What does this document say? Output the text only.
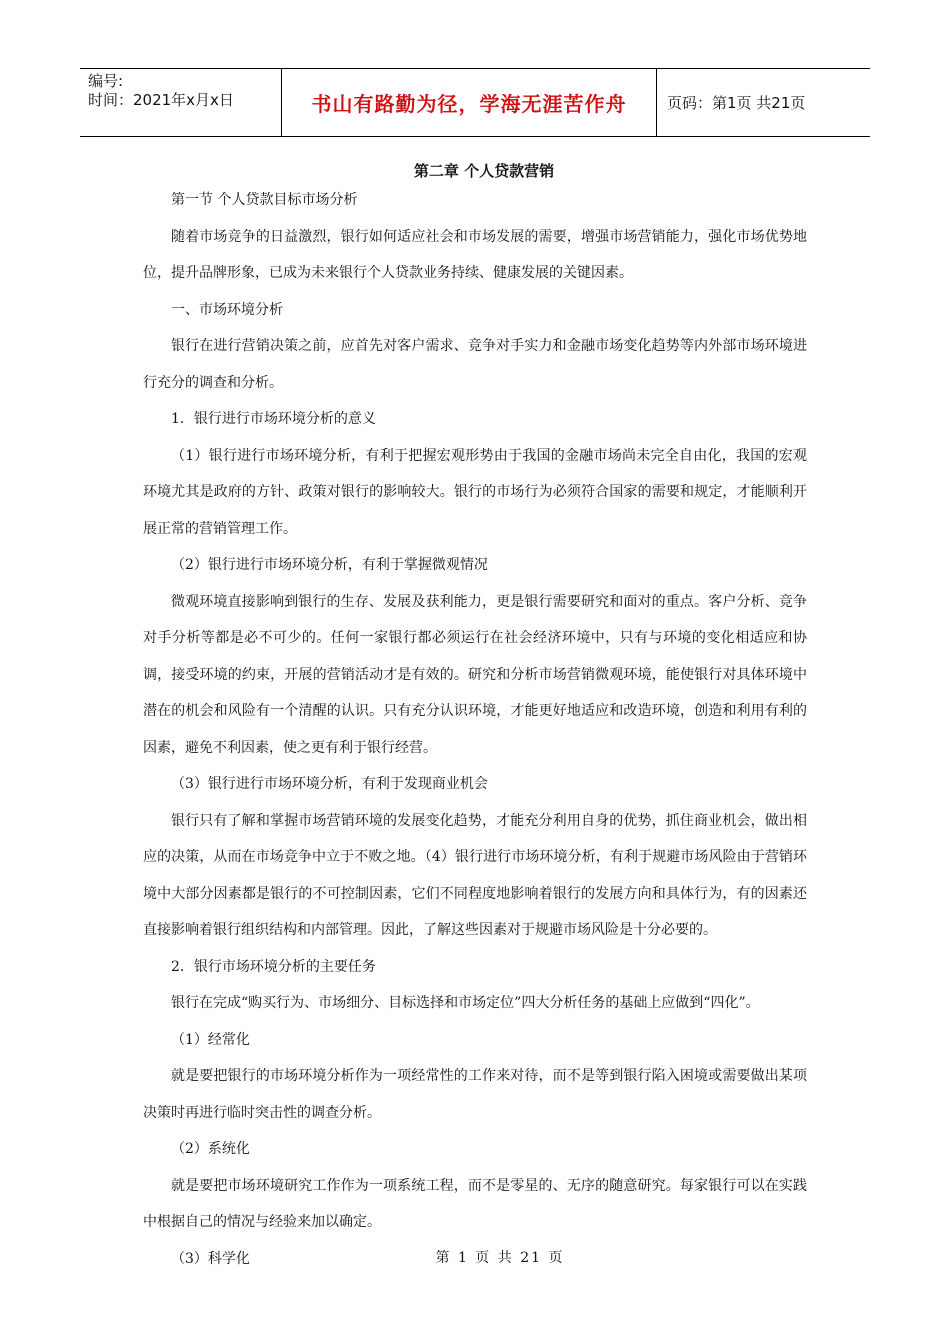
编号:
时间：2021年x月x日	书山有路勤为径，学海无涯苦作舟	页码：第1页 共21页
第二章 个人贷款营销

第一节 个人贷款目标市场分析

随着市场竞争的日益激烈，银行如何适应社会和市场发展的需要，增强市场营销能力，强化市场优势地位，提升品牌形象，已成为未来银行个人贷款业务持续、健康发展的关键因素。

一、市场环境分析

银行在进行营销决策之前，应首先对客户需求、竞争对手实力和金融市场变化趋势等内外部市场环境进行充分的调查和分析。

1．银行进行市场环境分析的意义

（1）银行进行市场环境分析，有利于把握宏观形势由于我国的金融市场尚未完全自由化，我国的宏观环境尤其是政府的方针、政策对银行的影响较大。银行的市场行为必须符合国家的需要和规定，才能顺利开展正常的营销管理工作。

（2）银行进行市场环境分析，有利于掌握微观情况

微观环境直接影响到银行的生存、发展及获利能力，更是银行需要研究和面对的重点。客户分析、竞争对手分析等都是必不可少的。任何一家银行都必须运行在社会经济环境中，只有与环境的变化相适应和协调，接受环境的约束，开展的营销活动才是有效的。研究和分析市场营销微观环境，能使银行对具体环境中潜在的机会和风险有一个清醒的认识。只有充分认识环境，才能更好地适应和改造环境，创造和利用有利的因素，避免不利因素，使之更有利于银行经营。

（3）银行进行市场环境分析，有利于发现商业机会

银行只有了解和掌握市场营销环境的发展变化趋势，才能充分利用自身的优势，抓住商业机会，做出相应的决策，从而在市场竞争中立于不败之地。（4）银行进行市场环境分析，有利于规避市场风险由于营销环境中大部分因素都是银行的不可控制因素，它们不同程度地影响着银行的发展方向和具体行为，有的因素还直接影响着银行组织结构和内部管理。因此，了解这些因素对于规避市场风险是十分必要的。

2．银行市场环境分析的主要任务

银行在完成“购买行为、市场细分、目标选择和市场定位”四大分析任务的基础上应做到“四化”。

（1）经常化

就是要把银行的市场环境分析作为一项经常性的工作来对待，而不是等到银行陷入困境或需要做出某项决策时再进行临时突击性的调查分析。

（2）系统化

就是要把市场环境研究工作作为一项系统工程，而不是零星的、无序的随意研究。每家银行可以在实践中根据自己的情况与经验来加以确定。

（3）科学化	第 1 页 共 21 页
